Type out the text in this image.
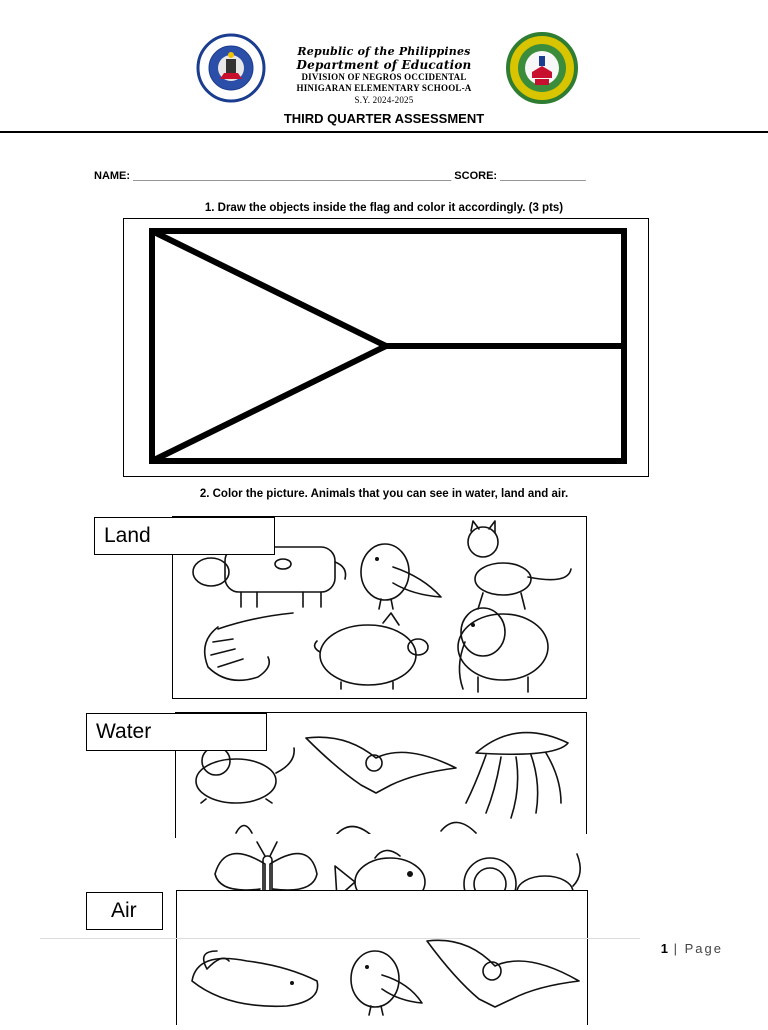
Republic of the Philippines
Department of Education
DIVISION OF NEGROS OCCIDENTAL
HINIGARAN ELEMENTARY SCHOOL-A
S.Y. 2024-2025
THIRD QUARTER ASSESSMENT
NAME: ____________________________________________________ SCORE: ______________
1. Draw the objects inside the flag and color it accordingly. (3 pts)
2. Color the picture. Animals that you can see in water, land and air.
Land
Water
Air
1 | Page
